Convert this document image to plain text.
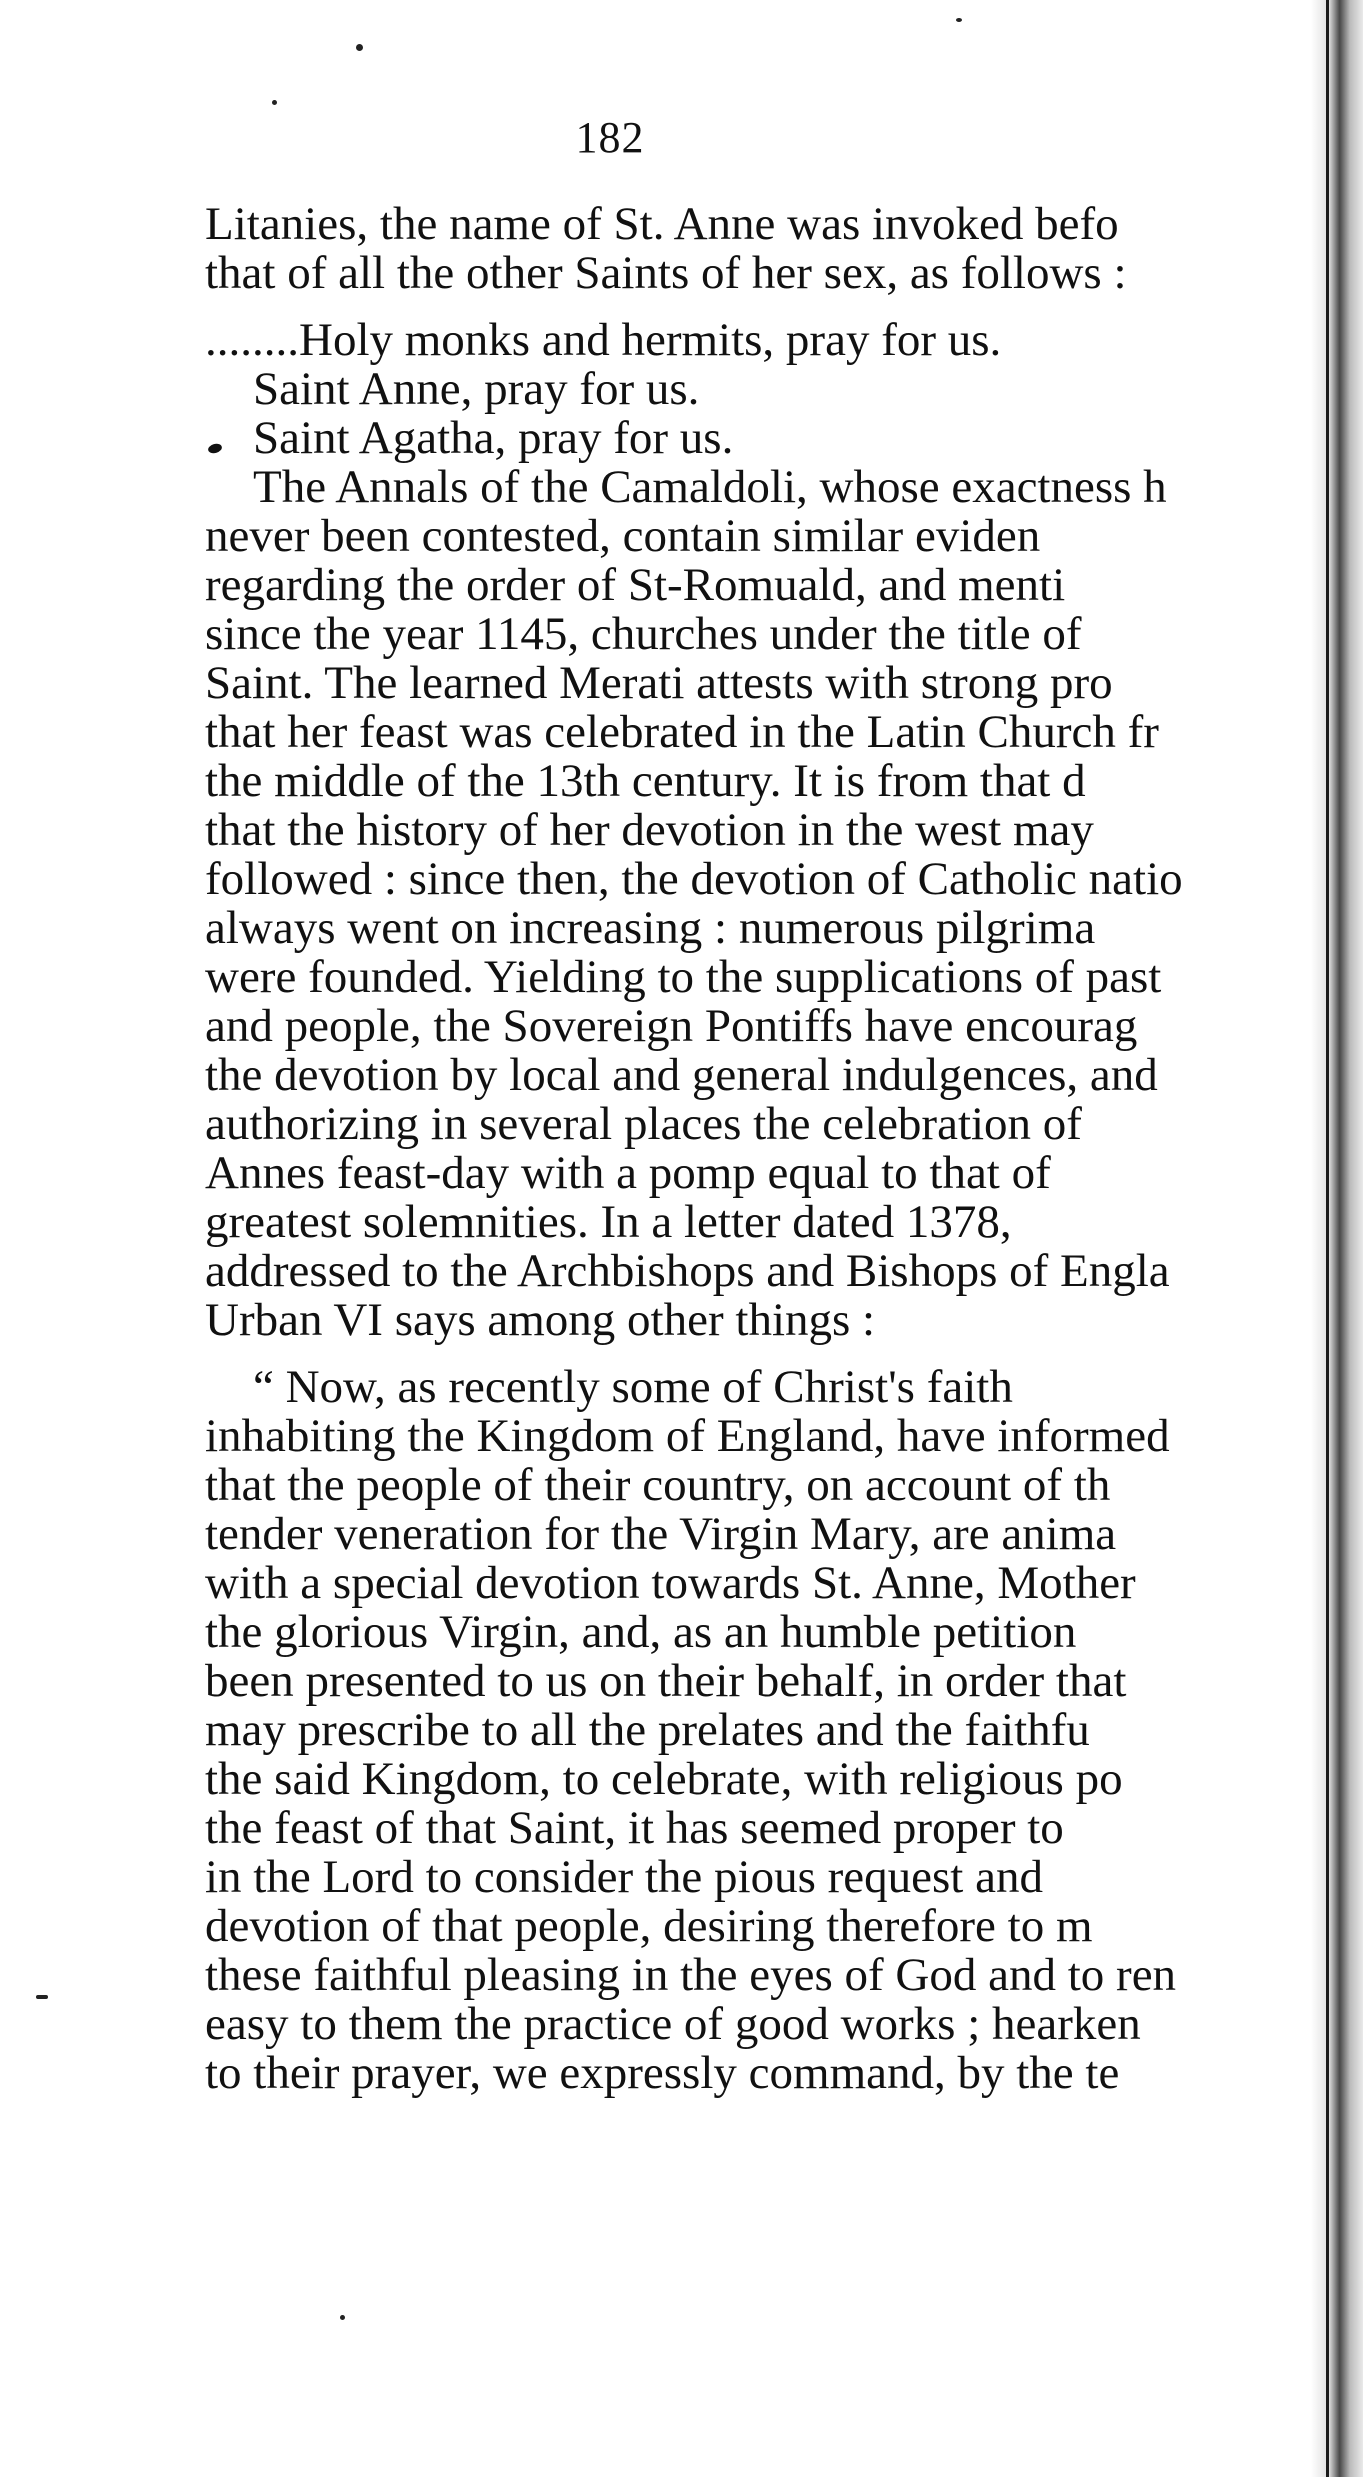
182
Litanies, the name of St. Anne was invoked befo
that of all the other Saints of her sex, as follows :
........Holy monks and hermits, pray for us.
Saint Anne, pray for us.
Saint Agatha, pray for us.
The Annals of the Camaldoli, whose exactness h
never been contested, contain similar eviden
regarding the order of St-Romuald, and menti
since the year 1145, churches under the title of
Saint. The learned Merati attests with strong pro
that her feast was celebrated in the Latin Church fr
the middle of the 13th century. It is from that d
that the history of her devotion in the west may
followed : since then, the devotion of Catholic natio
always went on increasing : numerous pilgrima
were founded. Yielding to the supplications of past
and people, the Sovereign Pontiffs have encourag
the devotion by local and general indulgences, and
authorizing in several places the celebration of
Annes feast-day with a pomp equal to that of
greatest solemnities. In a letter dated 1378,
addressed to the Archbishops and Bishops of Engla
Urban VI says among other things :
“ Now, as recently some of Christ's faith
inhabiting the Kingdom of England, have informed
that the people of their country, on account of th
tender veneration for the Virgin Mary, are anima
with a special devotion towards St. Anne, Mother
the glorious Virgin, and, as an humble petition
been presented to us on their behalf, in order that
may prescribe to all the prelates and the faithfu
the said Kingdom, to celebrate, with religious po
the feast of that Saint, it has seemed proper to
in the Lord to consider the pious request and
devotion of that people, desiring therefore to m
these faithful pleasing in the eyes of God and to ren
easy to them the practice of good works ; hearken
to their prayer, we expressly command, by the te
